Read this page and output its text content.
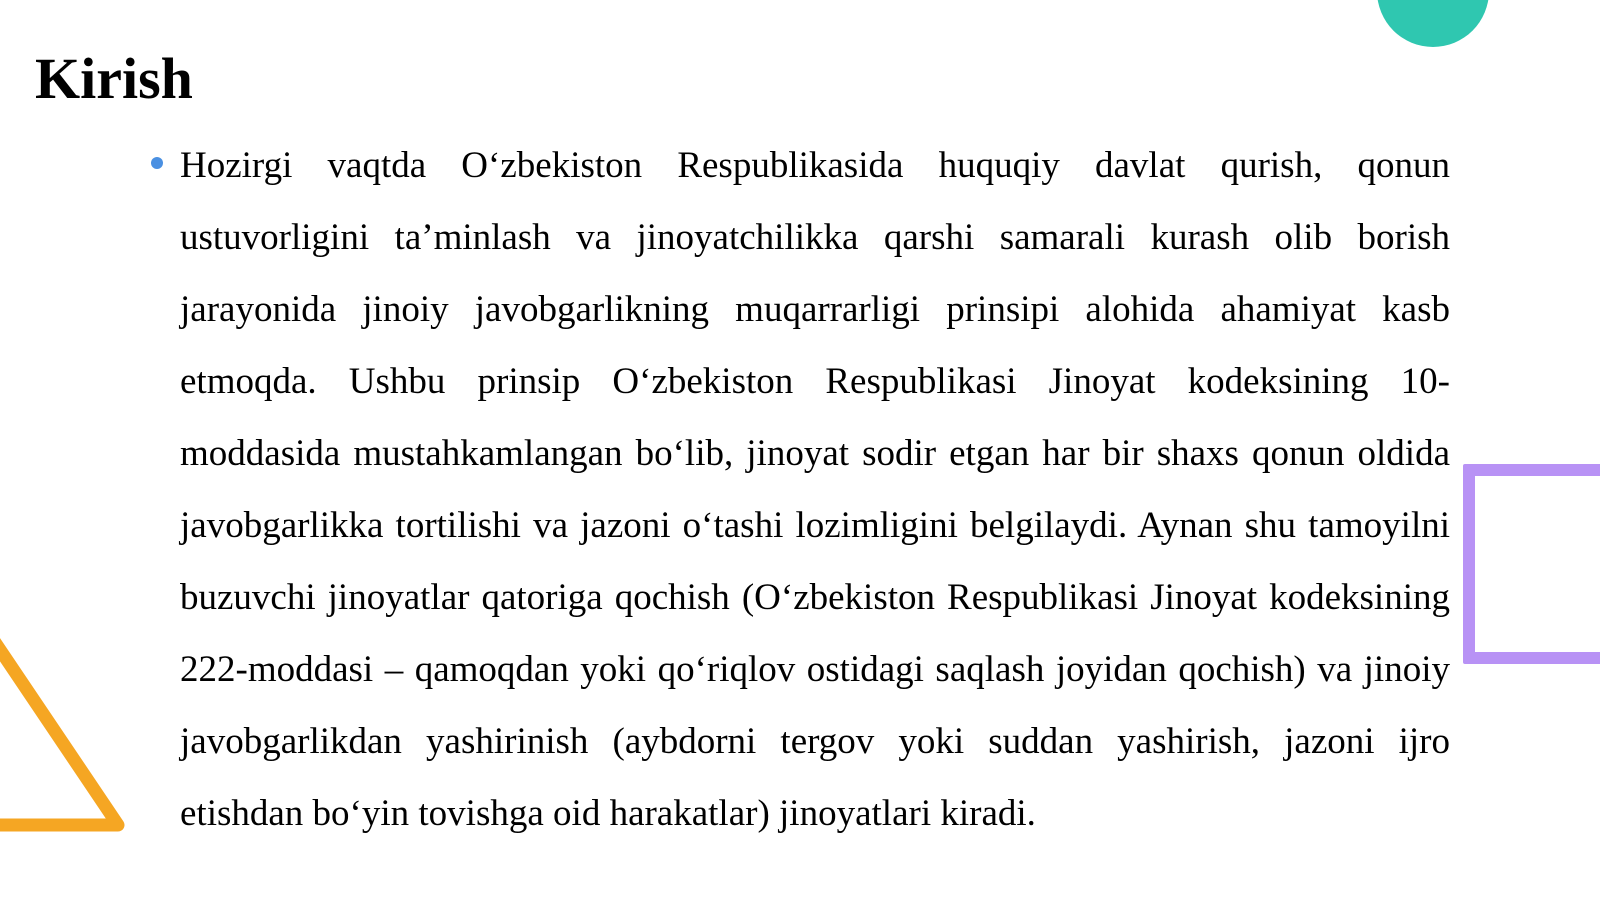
Kirish

Hozirgi vaqtda O‘zbekiston Respublikasida huquqiy davlat qurish, qonun ustuvorligini ta’minlash va jinoyatchilikka qarshi samarali kurash olib borish jarayonida jinoiy javobgarlikning muqarrarligi prinsipi alohida ahamiyat kasb etmoqda. Ushbu prinsip O‘zbekiston Respublikasi Jinoyat kodeksining 10-moddasida mustahkamlangan bo‘lib, jinoyat sodir etgan har bir shaxs qonun oldida javobgarlikka tortilishi va jazoni o‘tashi lozimligini belgilaydi. Aynan shu tamoyilni buzuvchi jinoyatlar qatoriga qochish (O‘zbekiston Respublikasi Jinoyat kodeksining 222-moddasi – qamoqdan yoki qo‘riqlov ostidagi saqlash joyidan qochish) va jinoiy javobgarlikdan yashirinish (aybdorni tergov yoki suddan yashirish, jazoni ijro etishdan bo‘yin tovishga oid harakatlar) jinoyatlari kiradi.
